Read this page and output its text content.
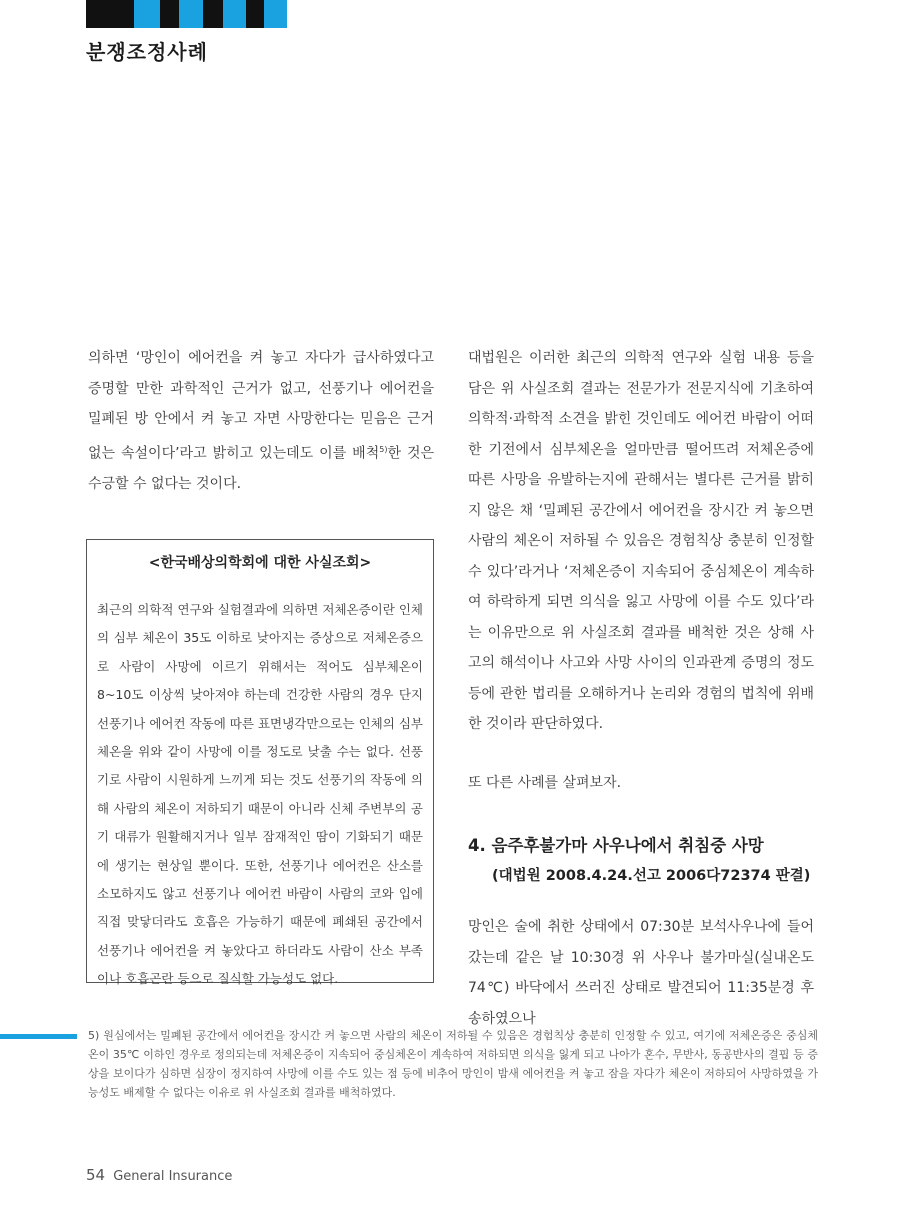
분쟁조정사례

의하면 ‘망인이 에어컨을 켜 놓고 자다가 급사하였다고 증명할 만한 과학적인 근거가 없고, 선풍기나 에어컨을 밀폐된 방 안에서 켜 놓고 자면 사망한다는 믿음은 근거 없는 속설이다’라고 밝히고 있는데도 이를 배척$^{5)}$한 것은 수긍할 수 없다는 것이다.

<한국배상의학회에 대한 사실조회>

최근의 의학적 연구와 실험결과에 의하면 저체온증이란 인체의 심부 체온이 35도 이하로 낮아지는 증상으로 저체온증으로 사람이 사망에 이르기 위해서는 적어도 심부체온이 8~10도 이상씩 낮아져야 하는데 건강한 사람의 경우 단지 선풍기나 에어컨 작동에 따른 표면냉각만으로는 인체의 심부 체온을 위와 같이 사망에 이를 정도로 낮출 수는 없다. 선풍기로 사람이 시원하게 느끼게 되는 것도 선풍기의 작동에 의해 사람의 체온이 저하되기 때문이 아니라 신체 주변부의 공기 대류가 원활해지거나 일부 잠재적인 땀이 기화되기 때문에 생기는 현상일 뿐이다. 또한, 선풍기나 에어컨은 산소를 소모하지도 않고 선풍기나 에어컨 바람이 사람의 코와 입에 직접 맞닿더라도 호흡은 가능하기 때문에 폐쇄된 공간에서 선풍기나 에어컨을 켜 놓았다고 하더라도 사람이 산소 부족이나 호흡곤란 등으로 질식할 가능성도 없다.

대법원은 이러한 최근의 의학적 연구와 실험 내용 등을 담은 위 사실조회 결과는 전문가가 전문지식에 기초하여 의학적·과학적 소견을 밝힌 것인데도 에어컨 바람이 어떠한 기전에서 심부체온을 얼마만큼 떨어뜨려 저체온증에 따른 사망을 유발하는지에 관해서는 별다른 근거를 밝히지 않은 채 ‘밀폐된 공간에서 에어컨을 장시간 켜 놓으면 사람의 체온이 저하될 수 있음은 경험칙상 충분히 인정할 수 있다’라거나 ‘저체온증이 지속되어 중심체온이 계속하여 하락하게 되면 의식을 잃고 사망에 이를 수도 있다’라는 이유만으로 위 사실조회 결과를 배척한 것은 상해 사고의 해석이나 사고와 사망 사이의 인과관계 증명의 정도 등에 관한 법리를 오해하거나 논리와 경험의 법칙에 위배한 것이라 판단하였다.

또 다른 사례를 살펴보자.

4. 음주후불가마 사우나에서 취침중 사망

(대법원 2008.4.24.선고 2006다72374 판결)

망인은 술에 취한 상태에서 07:30분 보석사우나에 들어갔는데 같은 날 10:30경 위 사우나 불가마실(실내온도 74℃) 바닥에서 쓰러진 상태로 발견되어 11:35분경 후송하였으나

5) 원심에서는 밀폐된 공간에서 에어컨을 장시간 켜 놓으면 사람의 체온이 저하될 수 있음은 경험칙상 충분히 인정할 수 있고, 여기에 저체온증은 중심체온이 35℃ 이하인 경우로 정의되는데 저체온증이 지속되어 중심체온이 계속하여 저하되면 의식을 잃게 되고 나아가 혼수, 무반사, 동공반사의 결핍 등 증상을 보이다가 심하면 심장이 정지하여 사망에 이를 수도 있는 점 등에 비추어 망인이 밤새 에어컨을 켜 놓고 잠을 자다가 체온이 저하되어 사망하였을 가능성도 배제할 수 없다는 이유로 위 사실조회 결과를 배척하였다.
54 General Insurance
